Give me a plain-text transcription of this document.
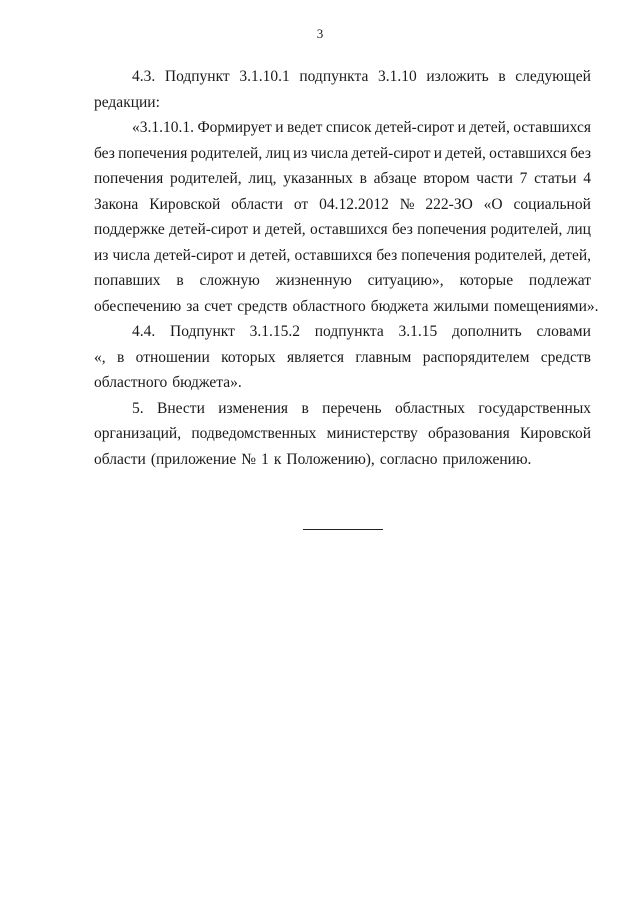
3
4.3. Подпункт 3.1.10.1 подпункта 3.1.10 изложить в следующей
редакции:
«3.1.10.1. Формирует и ведет список детей-сирот и детей, оставшихся
без попечения родителей, лиц из числа детей-сирот и детей, оставшихся без
попечения родителей, лиц, указанных в абзаце втором части 7 статьи 4
Закона Кировской области от 04.12.2012 № 222-ЗО «О социальной
поддержке детей-сирот и детей, оставшихся без попечения родителей, лиц
из числа детей-сирот и детей, оставшихся без попечения родителей, детей,
попавших в сложную жизненную ситуацию», которые подлежат
обеспечению за счет средств областного бюджета жилыми помещениями».
4.4. Подпункт 3.1.15.2 подпункта 3.1.15 дополнить словами
«, в отношении которых является главным распорядителем средств
областного бюджета».
5. Внести изменения в перечень областных государственных
организаций, подведомственных министерству образования Кировской
области (приложение № 1 к Положению), согласно приложению.
